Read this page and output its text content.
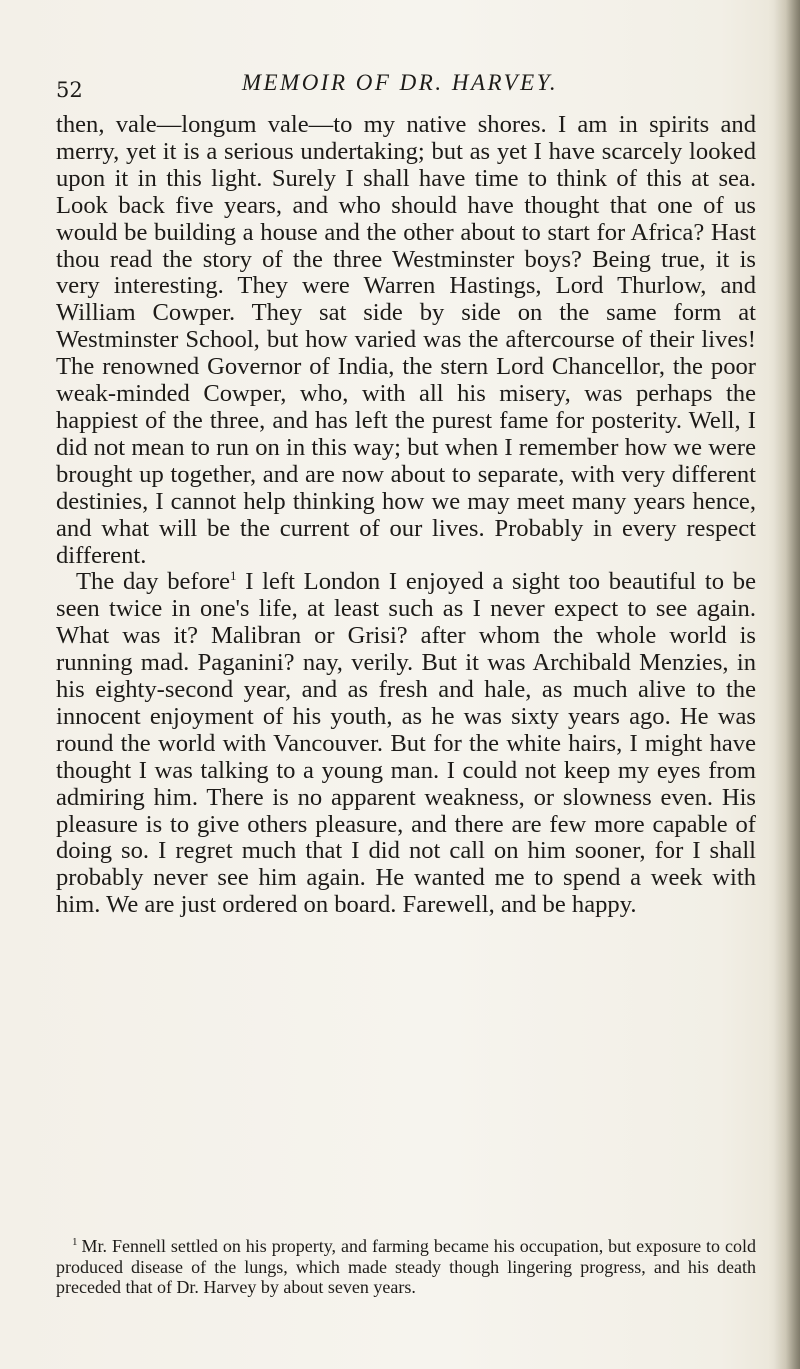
MEMOIR OF DR. HARVEY.
52

then, vale—longum vale—to my native shores. I am in spirits and merry, yet it is a serious undertaking; but as yet I have scarcely looked upon it in this light. Surely I shall have time to think of this at sea. Look back five years, and who should have thought that one of us would be building a house and the other about to start for Africa? Hast thou read the story of the three Westminster boys? Being true, it is very interesting. They were Warren Hastings, Lord Thurlow, and William Cowper. They sat side by side on the same form at Westminster School, but how varied was the aftercourse of their lives! The renowned Governor of India, the stern Lord Chancellor, the poor weak-minded Cowper, who, with all his misery, was perhaps the happiest of the three, and has left the purest fame for posterity. Well, I did not mean to run on in this way; but when I remember how we were brought up together, and are now about to separate, with very different destinies, I cannot help thinking how we may meet many years hence, and what will be the current of our lives. Probably in every respect different.

The day before$^1$ I left London I enjoyed a sight too beautiful to be seen twice in one's life, at least such as I never expect to see again. What was it? Malibran or Grisi? after whom the whole world is running mad. Paganini? nay, verily. But it was Archibald Menzies, in his eighty-second year, and as fresh and hale, as much alive to the innocent enjoyment of his youth, as he was sixty years ago. He was round the world with Vancouver. But for the white hairs, I might have thought I was talking to a young man. I could not keep my eyes from admiring him. There is no apparent weakness, or slowness even. His pleasure is to give others pleasure, and there are few more capable of doing so. I regret much that I did not call on him sooner, for I shall probably never see him again. He wanted me to spend a week with him. We are just ordered on board. Farewell, and be happy.

$^1$ Mr. Fennell settled on his property, and farming became his occupation, but exposure to cold produced disease of the lungs, which made steady though lingering progress, and his death preceded that of Dr. Harvey by about seven years.
